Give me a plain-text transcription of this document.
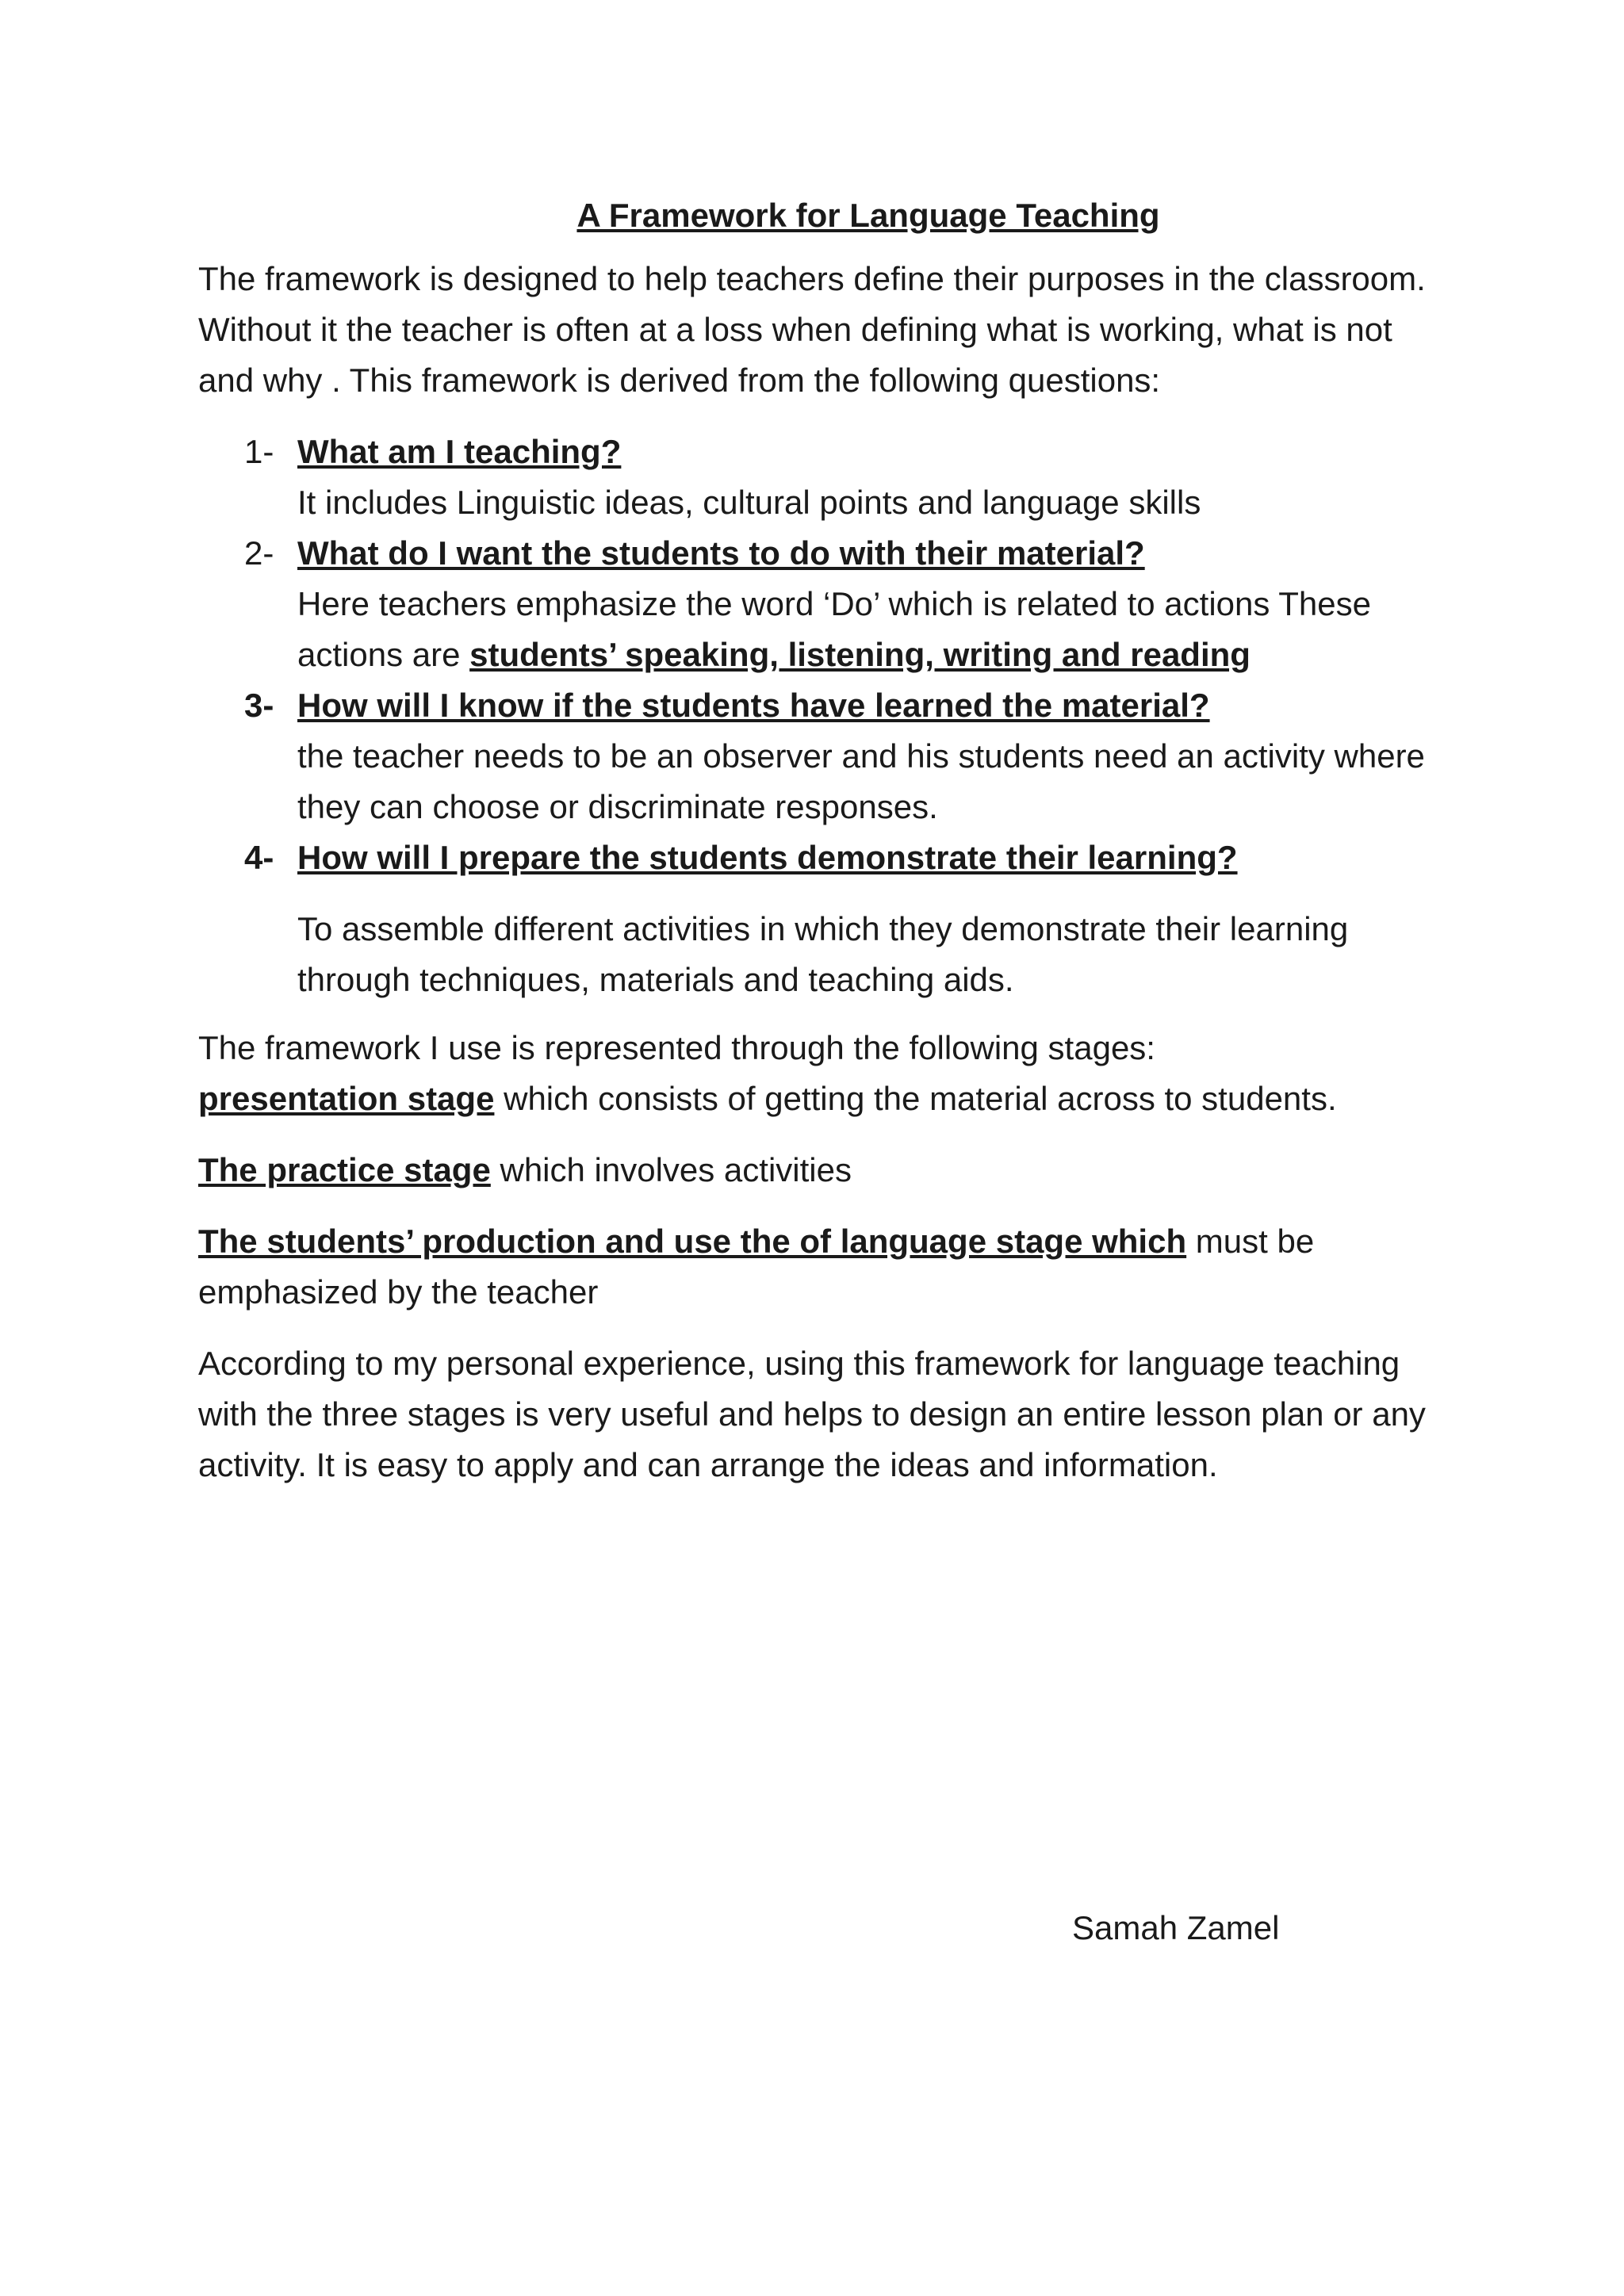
A Framework for Language Teaching

The framework is designed to help teachers define their purposes in the classroom. Without it the teacher is often at a loss when defining what is working, what is not and why . This framework is derived from the following questions:

1- What am I teaching?
It includes Linguistic ideas, cultural points and language skills
2- What do I want the students to do with their material?
Here teachers emphasize the word ‘Do’ which is related to actions These actions are students’ speaking, listening, writing and reading
3- How will I know if the students have learned the material?
the teacher needs to be an observer and his students need an activity where they can choose or discriminate responses.
4- How will I prepare the students demonstrate their learning?
To assemble different activities in which they demonstrate their learning through techniques, materials and teaching aids.

The framework I use is represented through the following stages:
presentation stage which consists of getting the material across to students.

The practice stage which involves activities

The students’ production and use the of language stage which must be emphasized by the teacher

According to my personal experience, using this framework for language teaching with the three stages is very useful and helps to design an entire lesson plan or any activity. It is easy to apply and can arrange the ideas and information.

Samah Zamel
